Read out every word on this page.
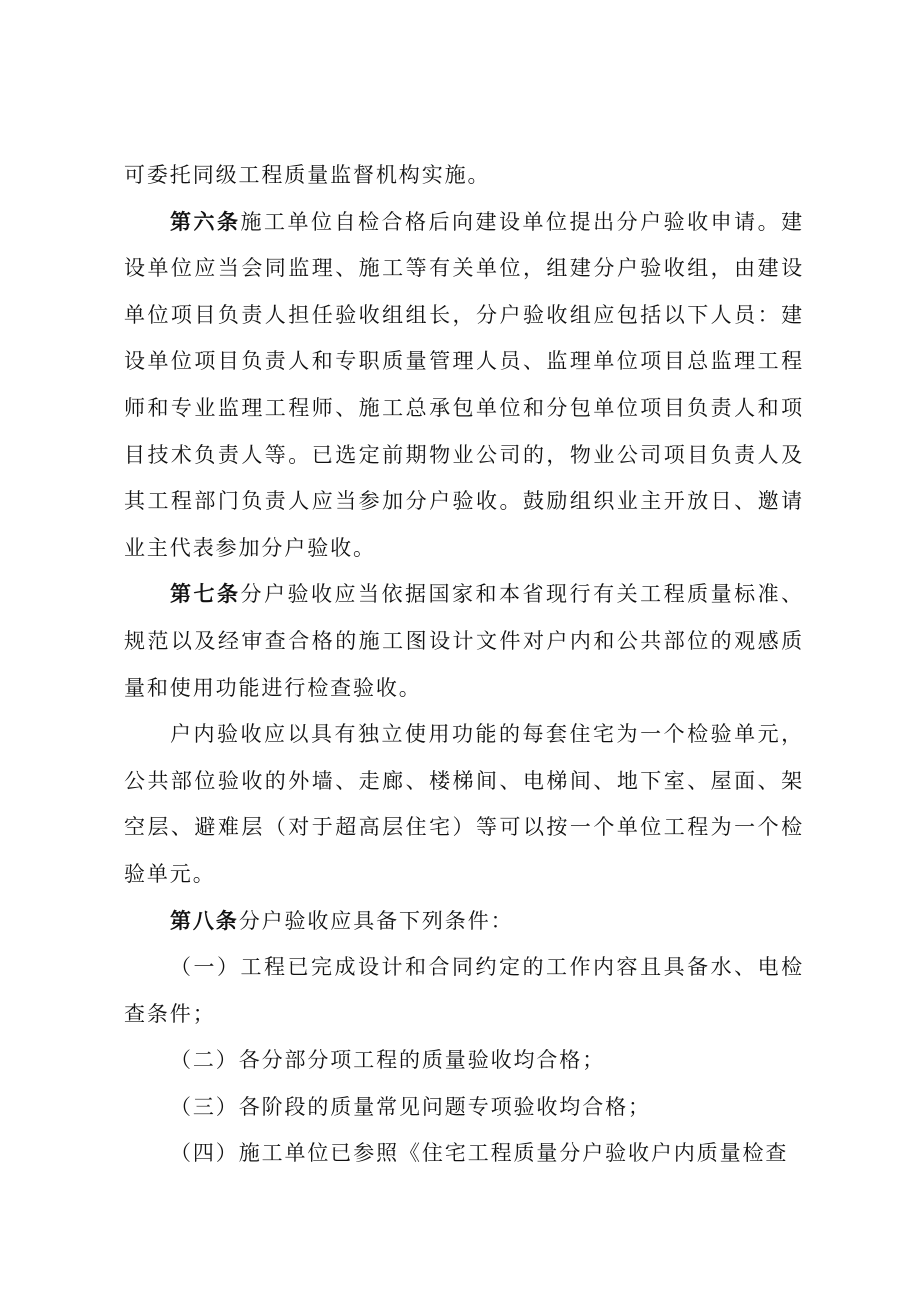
可委托同级工程质量监督机构实施。

第六条施工单位自检合格后向建设单位提出分户验收申请。建设单位应当会同监理、施工等有关单位，组建分户验收组，由建设单位项目负责人担任验收组组长，分户验收组应包括以下人员：建设单位项目负责人和专职质量管理人员、监理单位项目总监理工程师和专业监理工程师、施工总承包单位和分包单位项目负责人和项目技术负责人等。已选定前期物业公司的，物业公司项目负责人及其工程部门负责人应当参加分户验收。鼓励组织业主开放日、邀请业主代表参加分户验收。

第七条分户验收应当依据国家和本省现行有关工程质量标准、规范以及经审查合格的施工图设计文件对户内和公共部位的观感质量和使用功能进行检查验收。

户内验收应以具有独立使用功能的每套住宅为一个检验单元，公共部位验收的外墙、走廊、楼梯间、电梯间、地下室、屋面、架空层、避难层（对于超高层住宅）等可以按一个单位工程为一个检验单元。

第八条分户验收应具备下列条件：

（一）工程已完成设计和合同约定的工作内容且具备水、电检查条件；

（二）各分部分项工程的质量验收均合格；

（三）各阶段的质量常见问题专项验收均合格；

（四）施工单位已参照《住宅工程质量分户验收户内质量检查
